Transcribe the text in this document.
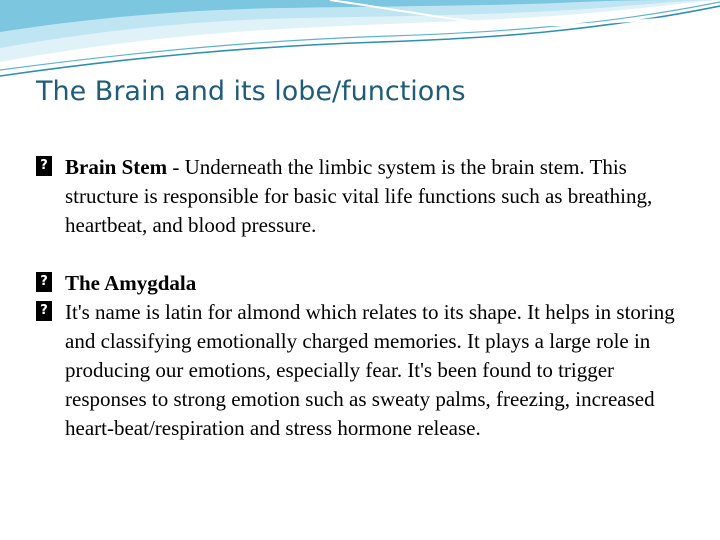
The Brain and its lobe/functions

?
Brain Stem - Underneath the limbic system is the brain stem. This structure is responsible for basic vital life functions such as breathing, heartbeat, and blood pressure.

?
The Amygdala

?
It's name is latin for almond which relates to its shape. It helps in storing and classifying emotionally charged memories. It plays a large role in producing our emotions, especially fear. It's been found to trigger responses to strong emotion such as sweaty palms, freezing, increased heart-beat/respiration and stress hormone release.
